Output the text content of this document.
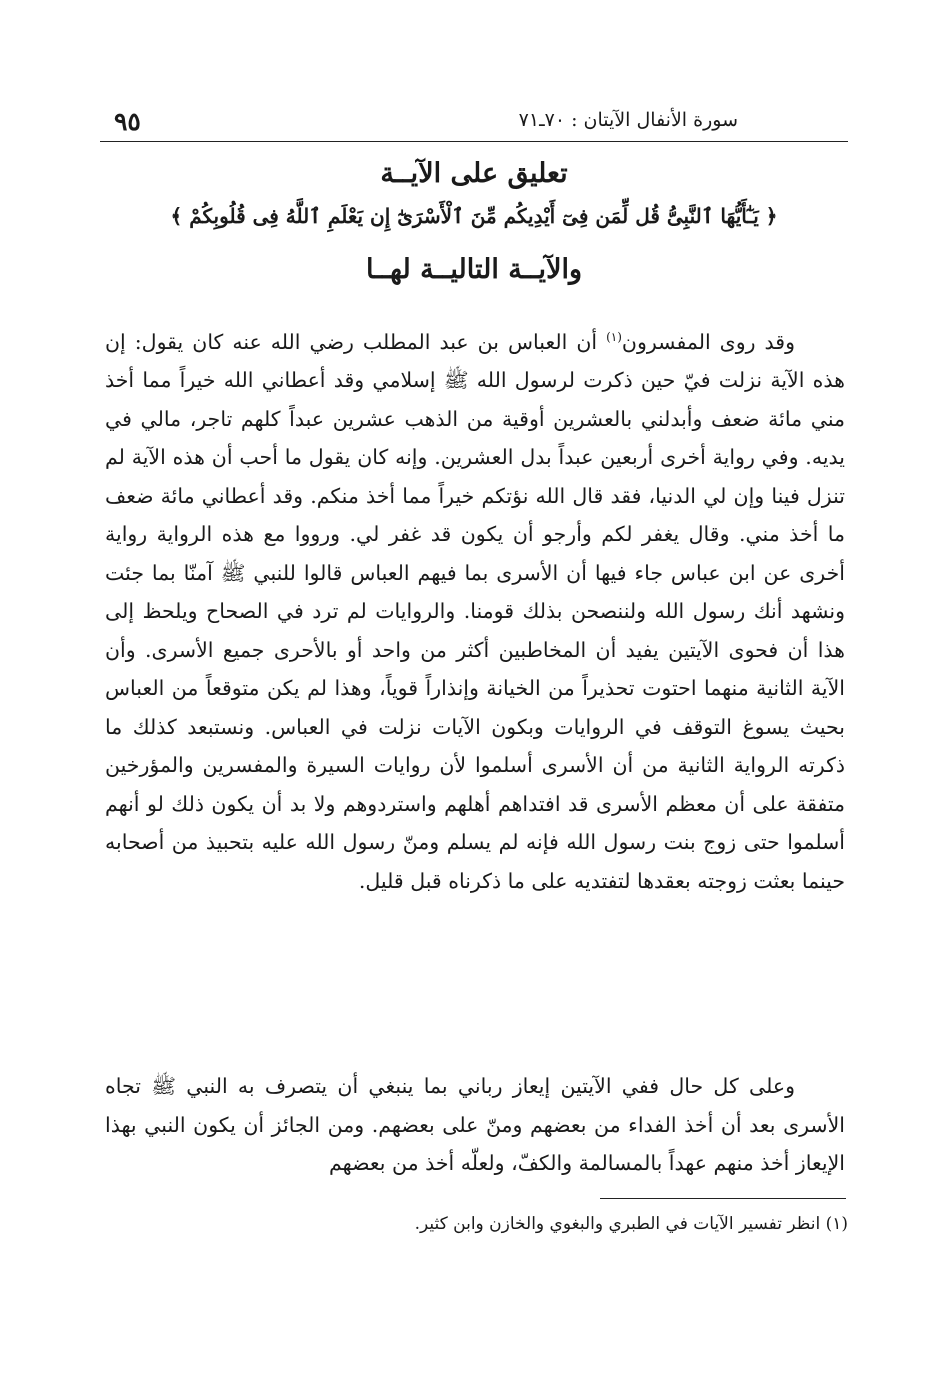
٩٥	سورة الأنفال الآيتان : ٧٠ـ٧١
تعليق على الآيــة
﴿ يَـٰٓأَيُّهَا ٱلنَّبِىُّ قُل لِّمَن فِىٓ أَيْدِيكُم مِّنَ ٱلْأَسْرَىٰٓ إِن يَعْلَمِ ٱللَّهُ فِى قُلُوبِكُمْ ﴾
والآيــة التاليــة لهــا
وقد روى المفسرون$^{(١)}$ أن العباس بن عبد المطلب رضي الله عنه كان يقول: إن هذه الآية نزلت فيّ حين ذكرت لرسول الله ﷺ إسلامي وقد أعطاني الله خيراً مما أخذ مني مائة ضعف وأبدلني بالعشرين أوقية من الذهب عشرين عبداً كلهم تاجر، مالي في يديه. وفي رواية أخرى أربعين عبداً بدل العشرين. وإنه كان يقول ما أحب أن هذه الآية لم تنزل فينا وإن لي الدنيا، فقد قال الله نؤتكم خيراً مما أخذ منكم. وقد أعطاني مائة ضعف ما أخذ مني. وقال يغفر لكم وأرجو أن يكون قد غفر لي. ورووا مع هذه الرواية رواية أخرى عن ابن عباس جاء فيها أن الأسرى بما فيهم العباس قالوا للنبي ﷺ آمنّا بما جئت ونشهد أنك رسول الله ولننصحن بذلك قومنا. والروايات لم ترد في الصحاح ويلحظ إلى هذا أن فحوى الآيتين يفيد أن المخاطبين أكثر من واحد أو بالأحرى جميع الأسرى. وأن الآية الثانية منهما احتوت تحذيراً من الخيانة وإنذاراً قوياً، وهذا لم يكن متوقعاً من العباس بحيث يسوغ التوقف في الروايات وبكون الآيات نزلت في العباس. ونستبعد كذلك ما ذكرته الرواية الثانية من أن الأسرى أسلموا لأن روايات السيرة والمفسرين والمؤرخين متفقة على أن معظم الأسرى قد افتداهم أهلهم واستردوهم ولا بد أن يكون ذلك لو أنهم أسلموا حتى زوج بنت رسول الله فإنه لم يسلم ومنّ رسول الله عليه بتحبيذ من أصحابه حينما بعثت زوجته بعقدها لتفتديه على ما ذكرناه قبل قليل.
وعلى كل حال ففي الآيتين إيعاز رباني بما ينبغي أن يتصرف به النبي ﷺ تجاه الأسرى بعد أن أخذ الفداء من بعضهم ومنّ على بعضهم. ومن الجائز أن يكون النبي بهذا الإيعاز أخذ منهم عهداً بالمسالمة والكفّ، ولعلّه أخذ من بعضهم
(١) انظر تفسير الآيات في الطبري والبغوي والخازن وابن كثير.
